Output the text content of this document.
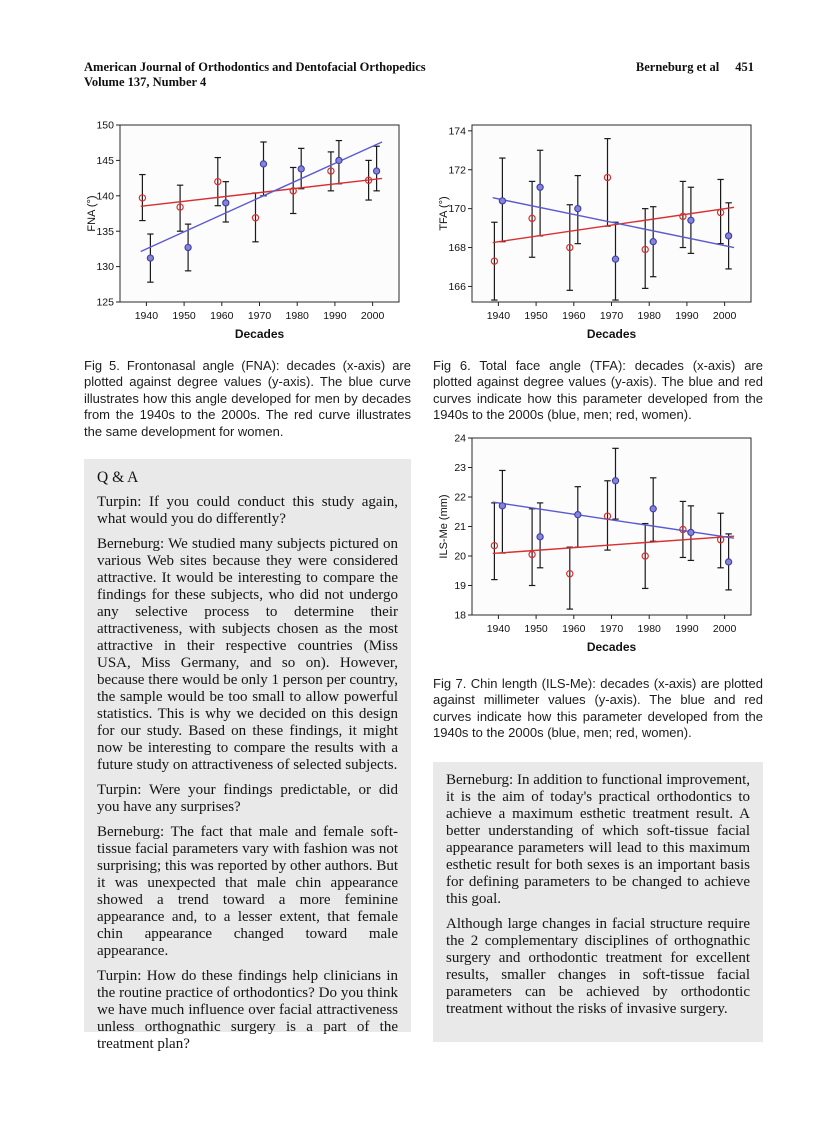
American Journal of Orthodontics and Dentofacial Orthopedics
Volume 137, Number 4
Berneburg et al 451
125
130
135
140
145
150
1940 1950 1960 1970 1980 1990 2000
FNA (°)
Decades
166
168
170
172
174
1940 1950 1960 1970 1980 1990 2000
TFA (°)
Decades
18
19
20
21
22
23
24
1940 1950 1960 1970 1980 1990 2000
ILS-Me (mm)
Decades
Fig 5. Frontonasal angle (FNA): decades (x-axis) are plotted against degree values (y-axis). The blue curve illustrates how this angle developed for men by decades from the 1940s to the 2000s. The red curve illustrates the same development for women.
Fig 6. Total face angle (TFA): decades (x-axis) are plotted against degree values (y-axis). The blue and red curves indicate how this parameter developed from the 1940s to the 2000s (blue, men; red, women).
Fig 7. Chin length (ILS-Me): decades (x-axis) are plotted against millimeter values (y-axis). The blue and red curves indicate how this parameter developed from the 1940s to the 2000s (blue, men; red, women).

Q & A

Turpin: If you could conduct this study again, what would you do differently?

Berneburg: We studied many subjects pictured on various Web sites because they were considered attractive. It would be interesting to compare the findings for these subjects, who did not undergo any selective process to determine their attractiveness, with subjects chosen as the most attractive in their respective countries (Miss USA, Miss Germany, and so on). However, because there would be only 1 person per country, the sample would be too small to allow powerful statistics. This is why we decided on this design for our study. Based on these findings, it might now be interesting to compare the results with a future study on attractiveness of selected subjects.

Turpin: Were your findings predictable, or did you have any surprises?

Berneburg: The fact that male and female soft-tissue facial parameters vary with fashion was not surprising; this was reported by other authors. But it was unexpected that male chin appearance showed a trend toward a more feminine appearance and, to a lesser extent, that female chin appearance changed toward male appearance.

Turpin: How do these findings help clinicians in the routine practice of orthodontics? Do you think we have much influence over facial attractiveness unless orthognathic surgery is a part of the treatment plan?

Berneburg: In addition to functional improvement, it is the aim of today's practical orthodontics to achieve a maximum esthetic treatment result. A better understanding of which soft-tissue facial appearance parameters will lead to this maximum esthetic result for both sexes is an important basis for defining parameters to be changed to achieve this goal.

Although large changes in facial structure require the 2 complementary disciplines of orthognathic surgery and orthodontic treatment for excellent results, smaller changes in soft-tissue facial parameters can be achieved by orthodontic treatment without the risks of invasive surgery.
